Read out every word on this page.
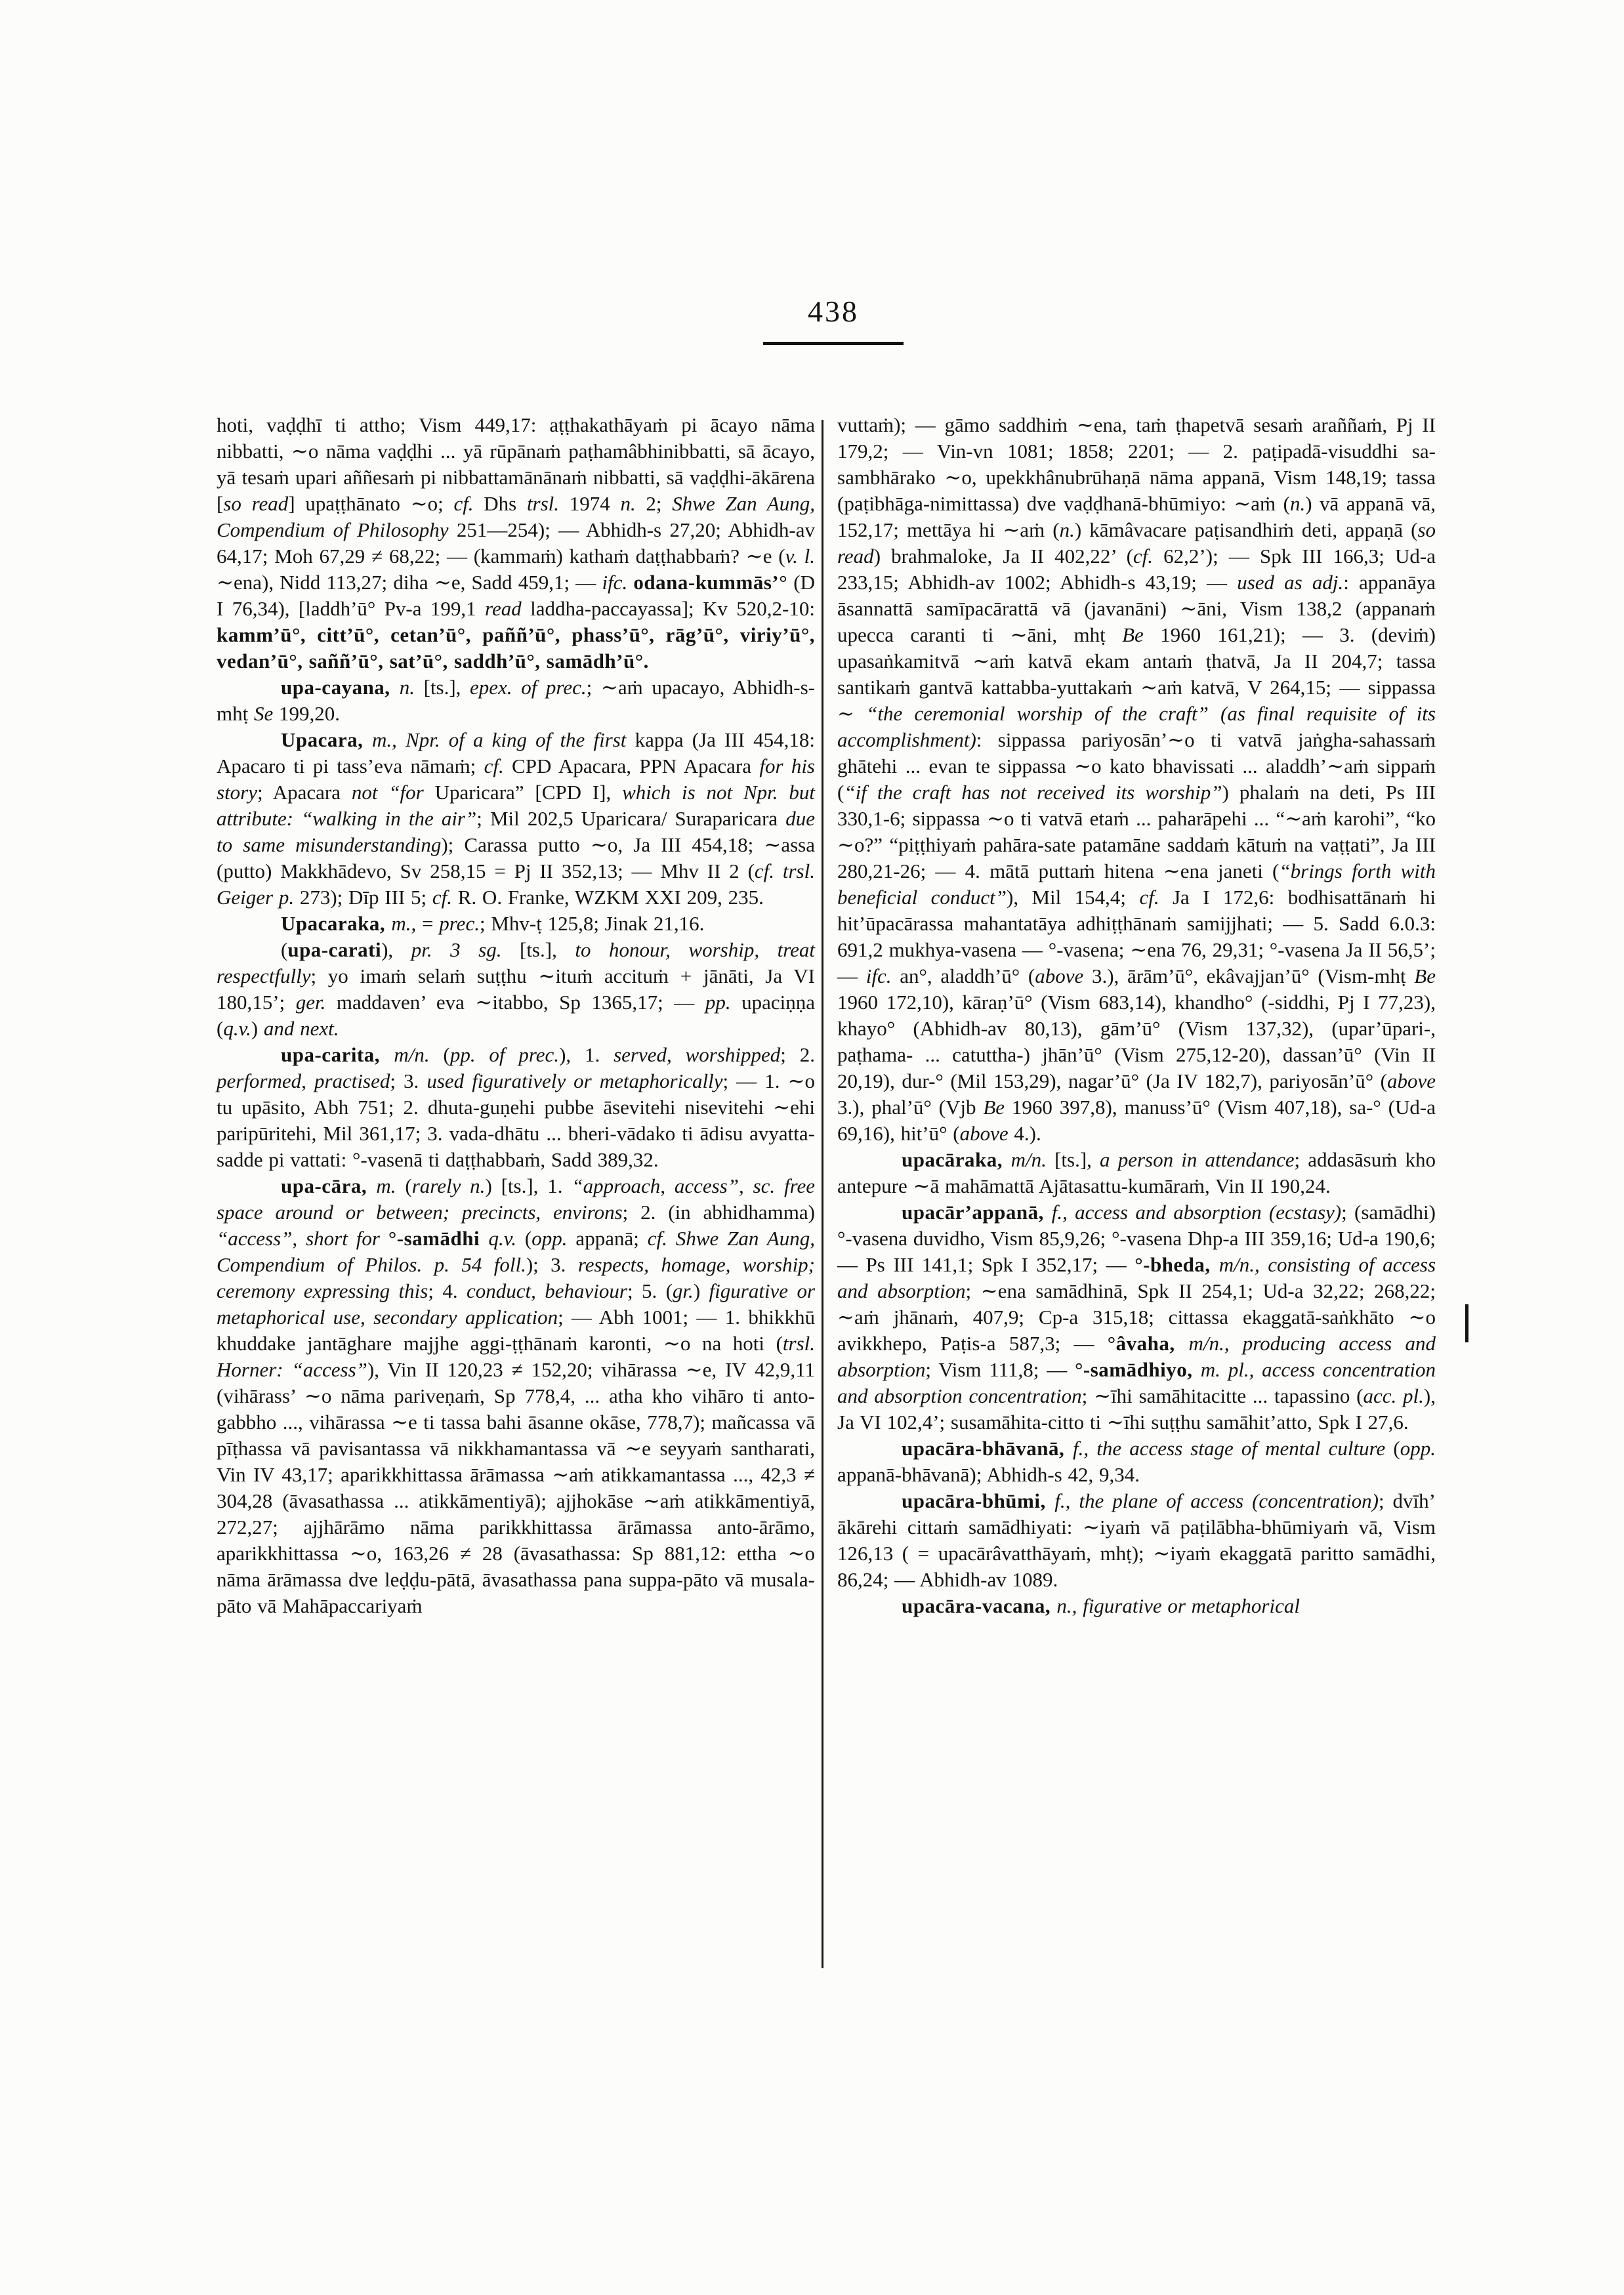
438

hoti, vaḍḍhī ti attho; Vism 449,17: aṭṭhakathāyaṁ pi ācayo nāma nibbatti, ∼o nāma vaḍḍhi ... yā rūpānaṁ paṭhamâbhinibbatti, sā ācayo, yā tesaṁ upari aññesaṁ pi nibbattamānānaṁ nibbatti, sā vaḍḍhi-ākārena [so read] upaṭṭhānato ∼o; cf. Dhs trsl. 1974 n. 2; Shwe Zan Aung, Compendium of Philosophy 251—254); — Abhidh-s 27,20; Abhidh-av 64,17; Moh 67,29 ≠ 68,22; — (kammaṁ) kathaṁ daṭṭhabbaṁ? ∼e (v. l. ∼ena), Nidd 113,27; diha ∼e, Sadd 459,1; — ifc. odana-kummās’° (D I 76,34), [laddh’ū° Pv-a 199,1 read laddha-paccayassa]; Kv 520,2-10: kamm’ū°, citt’ū°, cetan’ū°, paññ’ū°, phass’ū°, rāg’ū°, viriy’ū°, vedan’ū°, saññ’ū°, sat’ū°, saddh’ū°, samādh’ū°.

upa-cayana, n. [ts.], epex. of prec.; ∼aṁ upacayo, Abhidh-s-mhṭ Se 199,20.

Upacara, m., Npr. of a king of the first kappa (Ja III 454,18: Apacaro ti pi tass’eva nāmaṁ; cf. CPD Apacara, PPN Apacara for his story; Apacara not “for Uparicara” [CPD I], which is not Npr. but attribute: “walking in the air”; Mil 202,5 Uparicara/ Suraparicara due to same misunderstanding); Carassa putto ∼o, Ja III 454,18; ∼assa (putto) Makkhādevo, Sv 258,15 = Pj II 352,13; — Mhv II 2 (cf. trsl. Geiger p. 273); Dīp III 5; cf. R. O. Franke, WZKM XXI 209, 235.

Upacaraka, m., = prec.; Mhv-ṭ 125,8; Jinak 21,16.

(upa-carati), pr. 3 sg. [ts.], to honour, worship, treat respectfully; yo imaṁ selaṁ suṭṭhu ∼ituṁ accituṁ + jānāti, Ja VI 180,15’; ger. maddaven’ eva ∼itabbo, Sp 1365,17; — pp. upaciṇṇa (q.v.) and next.

upa-carita, m/n. (pp. of prec.), 1. served, worshipped; 2. performed, practised; 3. used figuratively or metaphorically; — 1. ∼o tu upāsito, Abh 751; 2. dhuta-guṇehi pubbe āsevitehi nisevitehi ∼ehi paripūritehi, Mil 361,17; 3. vada-dhātu ... bheri-vādako ti ādisu avyatta-sadde pi vattati: °-vasenā ti daṭṭhabbaṁ, Sadd 389,32.

upa-cāra, m. (rarely n.) [ts.], 1. “approach, access”, sc. free space around or between; precincts, environs; 2. (in abhidhamma) “access”, short for °-samādhi q.v. (opp. appanā; cf. Shwe Zan Aung, Compendium of Philos. p. 54 foll.); 3. respects, homage, worship; ceremony expressing this; 4. conduct, behaviour; 5. (gr.) figurative or metaphorical use, secondary application; — Abh 1001; — 1. bhikkhū khuddake jantāghare majjhe aggi-ṭṭhānaṁ karonti, ∼o na hoti (trsl. Horner: “access”), Vin II 120,23 ≠ 152,20; vihārassa ∼e, IV 42,9,11 (vihārass’ ∼o nāma pariveṇaṁ, Sp 778,4, ... atha kho vihāro ti anto-gabbho ..., vihārassa ∼e ti tassa bahi āsanne okāse, 778,7); mañcassa vā pīṭhassa vā pavisantassa vā nikkhamantassa vā ∼e seyyaṁ santharati, Vin IV 43,17; aparikkhittassa ārāmassa ∼aṁ atikkamantassa ..., 42,3 ≠ 304,28 (āvasathassa ... atikkāmentiyā); ajjhokāse ∼aṁ atikkāmentiyā, 272,27; ajjhārāmo nāma parikkhittassa ārāmassa anto-ārāmo, aparikkhittassa ∼o, 163,26 ≠ 28 (āvasathassa: Sp 881,12: ettha ∼o nāma ārāmassa dve leḍḍu-pātā, āvasathassa pana suppa-pāto vā musala-pāto vā Mahāpaccariyaṁ

vuttaṁ); — gāmo saddhiṁ ∼ena, taṁ ṭhapetvā sesaṁ araññaṁ, Pj II 179,2; — Vin-vn 1081; 1858; 2201; — 2. paṭipadā-visuddhi sa-sambhārako ∼o, upekkhânubrūhaṇā nāma appanā, Vism 148,19; tassa (paṭibhāga-nimittassa) dve vaḍḍhanā-bhūmiyo: ∼aṁ (n.) vā appanā vā, 152,17; mettāya hi ∼aṁ (n.) kāmâvacare paṭisandhiṁ deti, appaṇā (so read) brahmaloke, Ja II 402,22’ (cf. 62,2’); — Spk III 166,3; Ud-a 233,15; Abhidh-av 1002; Abhidh-s 43,19; — used as adj.: appanāya āsannattā samīpacārattā vā (javanāni) ∼āni, Vism 138,2 (appanaṁ upecca caranti ti ∼āni, mhṭ Be 1960 161,21); — 3. (deviṁ) upasaṅkamitvā ∼aṁ katvā ekam antaṁ ṭhatvā, Ja II 204,7; tassa santikaṁ gantvā kattabba-yuttakaṁ ∼aṁ katvā, V 264,15; — sippassa ∼ “the ceremonial worship of the craft” (as final requisite of its accomplishment): sippassa pariyosān’∼o ti vatvā jaṅgha-sahassaṁ ghātehi ... evan te sippassa ∼o kato bhavissati ... aladdh’∼aṁ sippaṁ (“if the craft has not received its worship”) phalaṁ na deti, Ps III 330,1-6; sippassa ∼o ti vatvā etaṁ ... paharāpehi ... “∼aṁ karohi”, “ko ∼o?” “piṭṭhiyaṁ pahāra-sate patamāne saddaṁ kātuṁ na vaṭṭati”, Ja III 280,21-26; — 4. mātā puttaṁ hitena ∼ena janeti (“brings forth with beneficial conduct”), Mil 154,4; cf. Ja I 172,6: bodhisattānaṁ hi hit’ūpacārassa mahantatāya adhiṭṭhānaṁ samijjhati; — 5. Sadd 6.0.3: 691,2 mukhya-vasena — °-vasena; ∼ena 76, 29,31; °-vasena Ja II 56,5’; — ifc. an°, aladdh’ū° (above 3.), ārām’ū°, ekâvajjan’ū° (Vism-mhṭ Be 1960 172,10), kāraṇ’ū° (Vism 683,14), khandho° (-siddhi, Pj I 77,23), khayo° (Abhidh-av 80,13), gām’ū° (Vism 137,32), (upar’ūpari-, paṭhama- ... catuttha-) jhān’ū° (Vism 275,12-20), dassan’ū° (Vin II 20,19), dur-° (Mil 153,29), nagar’ū° (Ja IV 182,7), pariyosān’ū° (above 3.), phal’ū° (Vjb Be 1960 397,8), manuss’ū° (Vism 407,18), sa-° (Ud-a 69,16), hit’ū° (above 4.).

upacāraka, m/n. [ts.], a person in attendance; addasāsuṁ kho antepure ∼ā mahāmattā Ajātasattu-kumāraṁ, Vin II 190,24.

upacār’appanā, f., access and absorption (ecstasy); (samādhi) °-vasena duvidho, Vism 85,9,26; °-vasena Dhp-a III 359,16; Ud-a 190,6; — Ps III 141,1; Spk I 352,17; — °-bheda, m/n., consisting of access and absorption; ∼ena samādhinā, Spk II 254,1; Ud-a 32,22; 268,22; ∼aṁ jhānaṁ, 407,9; Cp-a 315,18; cittassa ekaggatā-saṅkhāto ∼o avikkhepo, Paṭis-a 587,3; — °âvaha, m/n., producing access and absorption; Vism 111,8; — °-samādhiyo, m. pl., access concentration and absorption concentration; ∼īhi samāhitacitte ... tapassino (acc. pl.), Ja VI 102,4’; susamāhita-citto ti ∼īhi suṭṭhu samāhit’atto, Spk I 27,6.

upacāra-bhāvanā, f., the access stage of mental culture (opp. appanā-bhāvanā); Abhidh-s 42, 9,34.

upacāra-bhūmi, f., the plane of access (concentration); dvīh’ ākārehi cittaṁ samādhiyati: ∼iyaṁ vā paṭilābha-bhūmiyaṁ vā, Vism 126,13 ( = upacārâvatthāyaṁ, mhṭ); ∼iyaṁ ekaggatā paritto samādhi, 86,24; — Abhidh-av 1089.

upacāra-vacana, n., figurative or metaphorical
